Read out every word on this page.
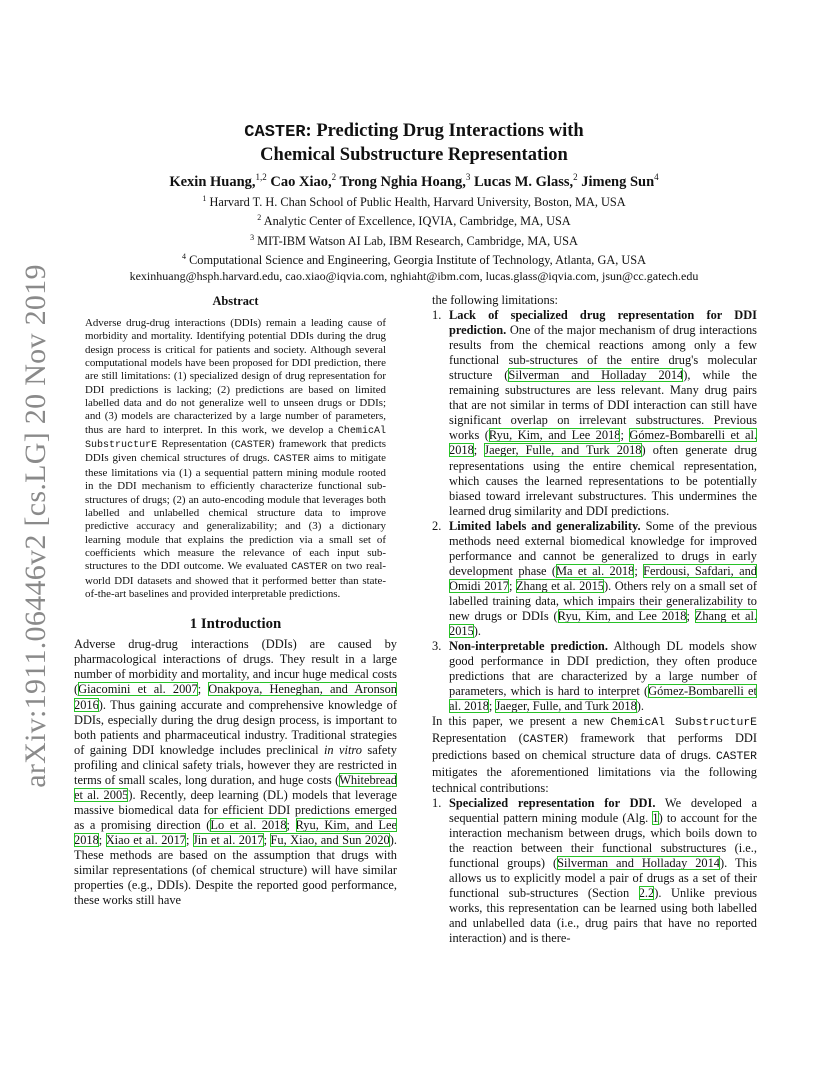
arXiv:1911.06446v2 [cs.LG] 20 Nov 2019
CASTER: Predicting Drug Interactions with
Chemical Substructure Representation
Kexin Huang,$^{1,2}$ Cao Xiao,$^2$ Trong Nghia Hoang,$^3$ Lucas M. Glass,$^2$ Jimeng Sun$^4$
$^1$ Harvard T. H. Chan School of Public Health, Harvard University, Boston, MA, USA
$^2$ Analytic Center of Excellence, IQVIA, Cambridge, MA, USA
$^3$ MIT-IBM Watson AI Lab, IBM Research, Cambridge, MA, USA
$^4$ Computational Science and Engineering, Georgia Institute of Technology, Atlanta, GA, USA
kexinhuang@hsph.harvard.edu, cao.xiao@iqvia.com, nghiaht@ibm.com, lucas.glass@iqvia.com, jsun@cc.gatech.edu
Abstract

Adverse drug-drug interactions (DDIs) remain a leading cause of morbidity and mortality. Identifying potential DDIs during the drug design process is critical for patients and society. Although several computational models have been proposed for DDI prediction, there are still limitations: (1) specialized design of drug representation for DDI predictions is lacking; (2) predictions are based on limited labelled data and do not generalize well to unseen drugs or DDIs; and (3) models are characterized by a large number of parameters, thus are hard to interpret. In this work, we develop a ChemicAl SubstructurE Representation (CASTER) framework that predicts DDIs given chemical structures of drugs. CASTER aims to mitigate these limitations via (1) a sequential pattern mining module rooted in the DDI mechanism to efficiently characterize functional sub-structures of drugs; (2) an auto-encoding module that leverages both labelled and unlabelled chemical structure data to improve predictive accuracy and generalizability; and (3) a dictionary learning module that explains the prediction via a small set of coefficients which measure the relevance of each input sub-structures to the DDI outcome. We evaluated CASTER on two real-world DDI datasets and showed that it performed better than state-of-the-art baselines and provided interpretable predictions.

1 Introduction

Adverse drug-drug interactions (DDIs) are caused by pharmacological interactions of drugs. They result in a large number of morbidity and mortality, and incur huge medical costs (Giacomini et al. 2007; Onakpoya, Heneghan, and Aronson 2016). Thus gaining accurate and comprehensive knowledge of DDIs, especially during the drug design process, is important to both patients and pharmaceutical industry. Traditional strategies of gaining DDI knowledge includes preclinical in vitro safety profiling and clinical safety trials, however they are restricted in terms of small scales, long duration, and huge costs (Whitebread et al. 2005). Recently, deep learning (DL) models that leverage massive biomedical data for efficient DDI predictions emerged as a promising direction (Lo et al. 2018; Ryu, Kim, and Lee 2018; Xiao et al. 2017; Jin et al. 2017; Fu, Xiao, and Sun 2020). These methods are based on the assumption that drugs with similar representations (of chemical structure) will have similar properties (e.g., DDIs). Despite the reported good performance, these works still have

the following limitations:

1. Lack of specialized drug representation for DDI prediction. One of the major mechanism of drug interactions results from the chemical reactions among only a few functional sub-structures of the entire drug's molecular structure (Silverman and Holladay 2014), while the remaining substructures are less relevant. Many drug pairs that are not similar in terms of DDI interaction can still have significant overlap on irrelevant substructures. Previous works (Ryu, Kim, and Lee 2018; Gómez-Bombarelli et al. 2018; Jaeger, Fulle, and Turk 2018) often generate drug representations using the entire chemical representation, which causes the learned representations to be potentially biased toward irrelevant substructures. This undermines the learned drug similarity and DDI predictions.
2. Limited labels and generalizability. Some of the previous methods need external biomedical knowledge for improved performance and cannot be generalized to drugs in early development phase (Ma et al. 2018; Ferdousi, Safdari, and Omidi 2017; Zhang et al. 2015). Others rely on a small set of labelled training data, which impairs their generalizability to new drugs or DDIs (Ryu, Kim, and Lee 2018; Zhang et al. 2015).
3. Non-interpretable prediction. Although DL models show good performance in DDI prediction, they often produce predictions that are characterized by a large number of parameters, which is hard to interpret (Gómez-Bombarelli et al. 2018; Jaeger, Fulle, and Turk 2018).

In this paper, we present a new ChemicAl SubstructurE Representation (CASTER) framework that performs DDI predictions based on chemical structure data of drugs. CASTER mitigates the aforementioned limitations via the following technical contributions:

1. Specialized representation for DDI. We developed a sequential pattern mining module (Alg. 1) to account for the interaction mechanism between drugs, which boils down to the reaction between their functional substructures (i.e., functional groups) (Silverman and Holladay 2014). This allows us to explicitly model a pair of drugs as a set of their functional sub-structures (Section 2.2). Unlike previous works, this representation can be learned using both labelled and unlabelled data (i.e., drug pairs that have no reported interaction) and is there-
